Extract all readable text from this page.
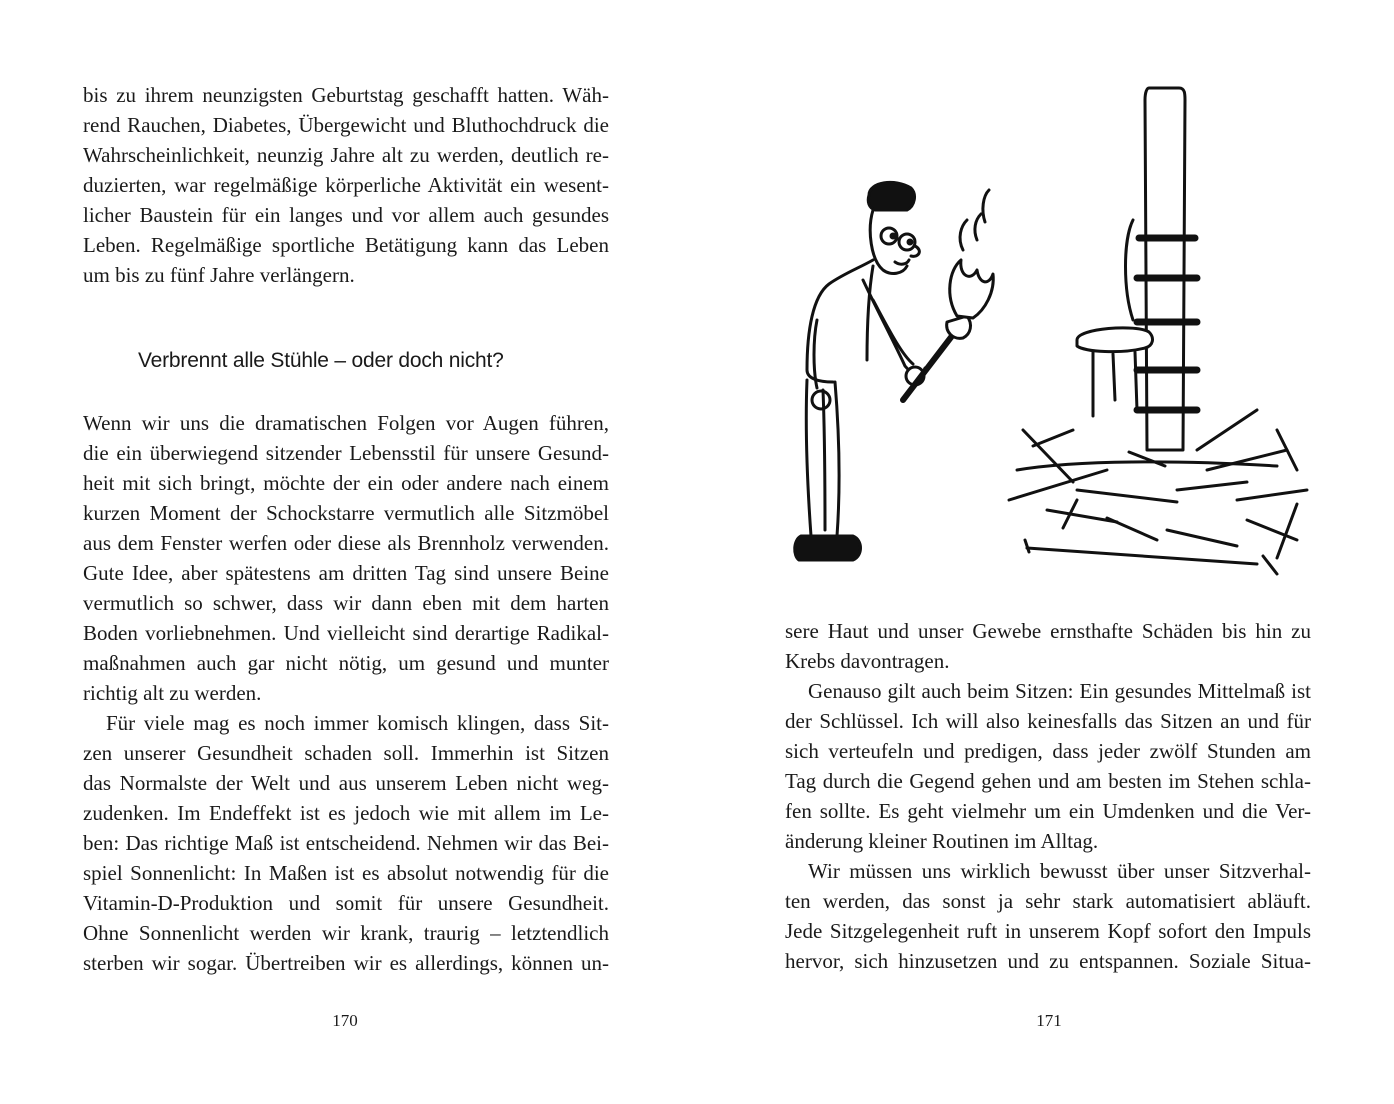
bis zu ihrem neunzigsten Geburtstag geschafft hatten. Wäh-
rend Rauchen, Diabetes, Übergewicht und Bluthochdruck die
Wahrscheinlichkeit, neunzig Jahre alt zu werden, deutlich re-
duzierten, war regelmäßige körperliche Aktivität ein wesent-
licher Baustein für ein langes und vor allem auch gesundes
Leben. Regelmäßige sportliche Betätigung kann das Leben
um bis zu fünf Jahre verlängern.
Verbrennt alle Stühle – oder doch nicht?
Wenn wir uns die dramatischen Folgen vor Augen führen,
die ein überwiegend sitzender Lebensstil für unsere Gesund-
heit mit sich bringt, möchte der ein oder andere nach einem
kurzen Moment der Schockstarre vermutlich alle Sitzmöbel
aus dem Fenster werfen oder diese als Brennholz verwenden.
Gute Idee, aber spätestens am dritten Tag sind unsere Beine
vermutlich so schwer, dass wir dann eben mit dem harten
Boden vorliebnehmen. Und vielleicht sind derartige Radikal-
maßnahmen auch gar nicht nötig, um gesund und munter
richtig alt zu werden.
Für viele mag es noch immer komisch klingen, dass Sit-
zen unserer Gesundheit schaden soll. Immerhin ist Sitzen
das Normalste der Welt und aus unserem Leben nicht weg-
zudenken. Im Endeffekt ist es jedoch wie mit allem im Le-
ben: Das richtige Maß ist entscheidend. Nehmen wir das Bei-
spiel Sonnenlicht: In Maßen ist es absolut notwendig für die
Vitamin-D-Produktion und somit für unsere Gesundheit.
Ohne Sonnenlicht werden wir krank, traurig – letztendlich
sterben wir sogar. Übertreiben wir es allerdings, können un-
170
sere Haut und unser Gewebe ernsthafte Schäden bis hin zu
Krebs davontragen.
Genauso gilt auch beim Sitzen: Ein gesundes Mittelmaß ist
der Schlüssel. Ich will also keinesfalls das Sitzen an und für
sich verteufeln und predigen, dass jeder zwölf Stunden am
Tag durch die Gegend gehen und am besten im Stehen schla-
fen sollte. Es geht vielmehr um ein Umdenken und die Ver-
änderung kleiner Routinen im Alltag.
Wir müssen uns wirklich bewusst über unser Sitzverhal-
ten werden, das sonst ja sehr stark automatisiert abläuft.
Jede Sitzgelegenheit ruft in unserem Kopf sofort den Impuls
hervor, sich hinzusetzen und zu entspannen. Soziale Situa-
171
